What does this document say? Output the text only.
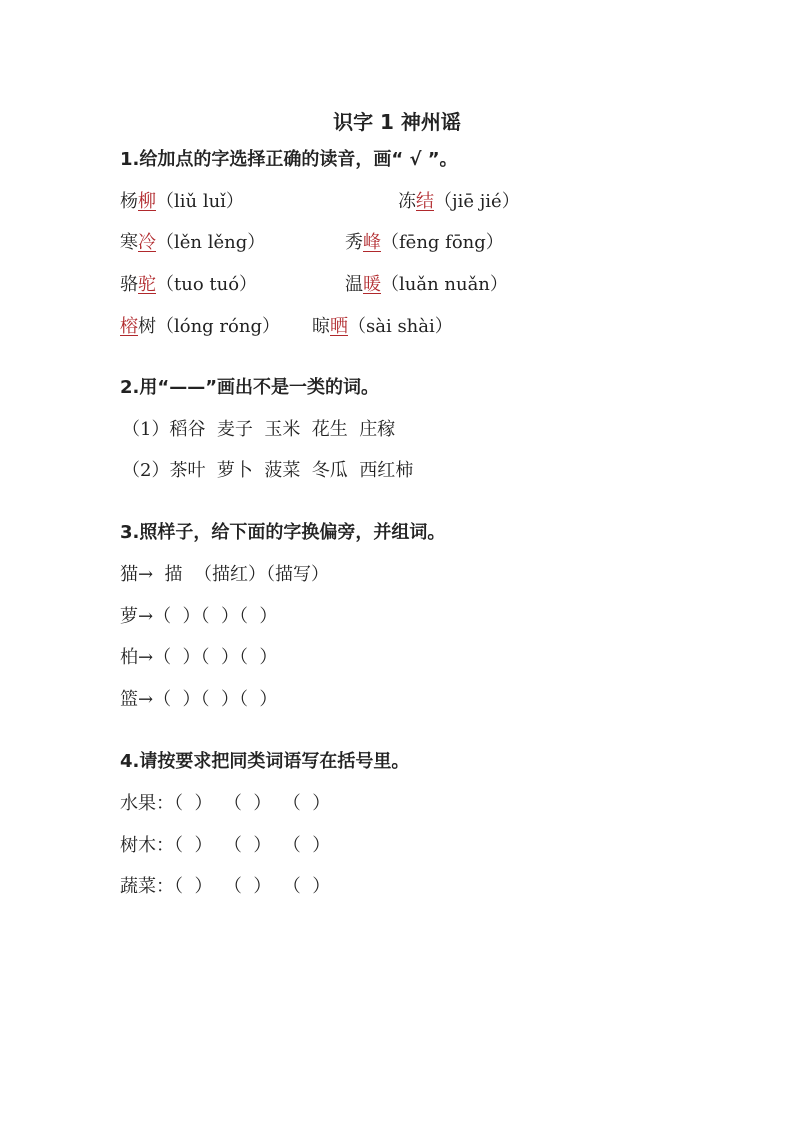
识字 1 神州谣
1.给加点的字选择正确的读音，画“ √ ”。
杨柳（liǔ luǐ）	冻结（jiē jié）
寒冷（lěn lěng）	秀峰（fēng fōng）
骆驼（tuo tuó）	温暖（luǎn nuǎn）
榕树（lóng róng） 晾晒（sài shài）
2.用“——”画出不是一类的词。
（1）稻谷  麦子  玉米  花生  庄稼
（2）茶叶  萝卜  菠菜  冬瓜  西红柿
3.照样子，给下面的字换偏旁，并组词。
猫→  描  （描红）（描写）
萝→（  ）（  ）（  ）
柏→（  ）（  ）（  ）
篮→（  ）（  ）（  ）
4.请按要求把同类词语写在括号里。
水果：（  ）  （  ）  （  ）
树木：（  ）  （  ）  （  ）
蔬菜：（  ）  （  ）  （  ）
